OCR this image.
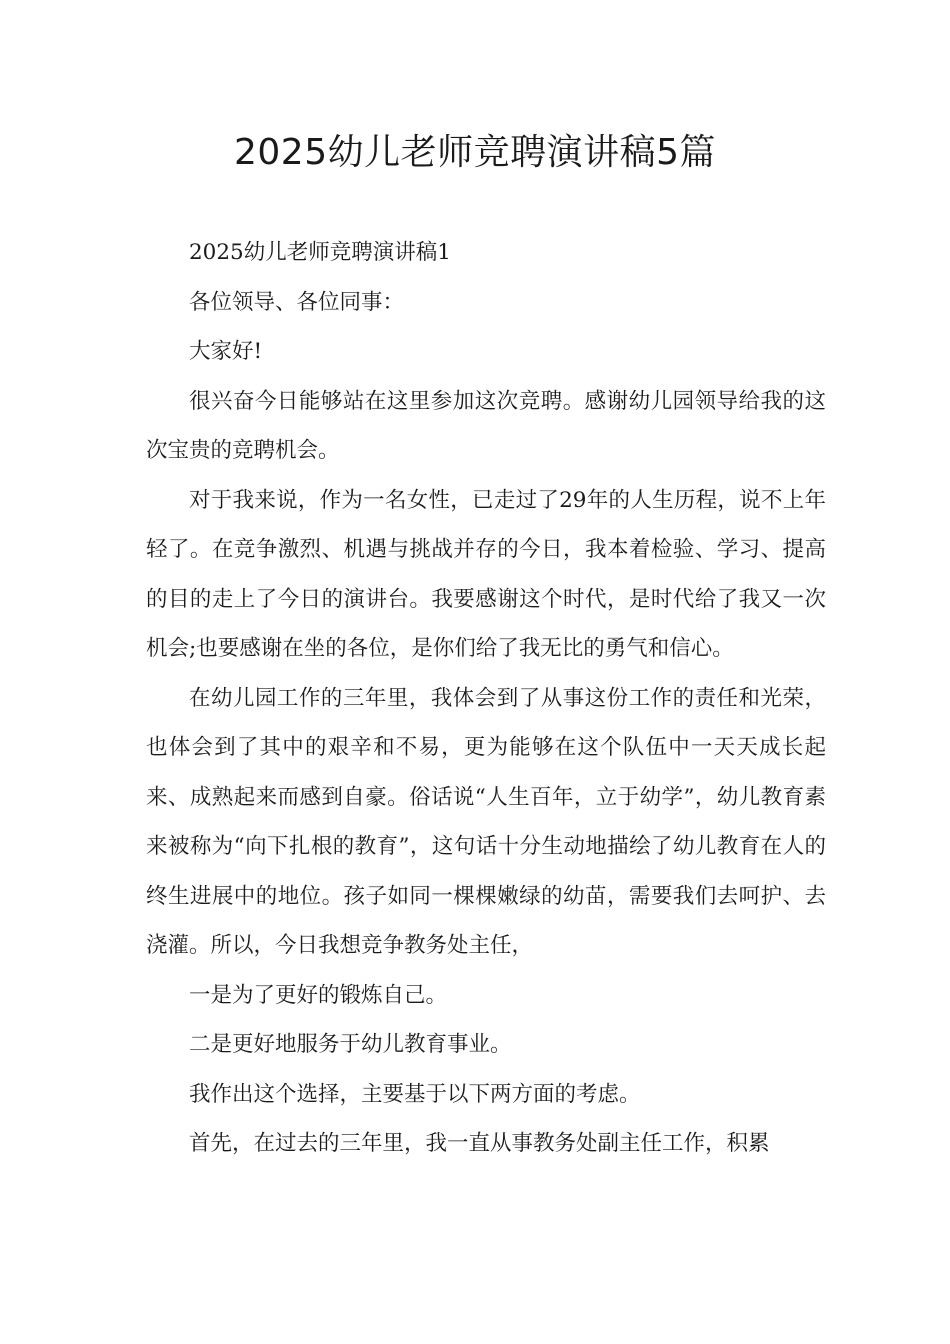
2025幼儿老师竞聘演讲稿5篇

2025幼儿老师竞聘演讲稿1

各位领导、各位同事：

大家好!

很兴奋今日能够站在这里参加这次竞聘。感谢幼儿园领导给我的这次宝贵的竞聘机会。

对于我来说，作为一名女性，已走过了29年的人生历程，说不上年轻了。在竞争激烈、机遇与挑战并存的今日，我本着检验、学习、提高的目的走上了今日的演讲台。我要感谢这个时代，是时代给了我又一次机会;也要感谢在坐的各位，是你们给了我无比的勇气和信心。

在幼儿园工作的三年里，我体会到了从事这份工作的责任和光荣，也体会到了其中的艰辛和不易，更为能够在这个队伍中一天天成长起来、成熟起来而感到自豪。俗话说“人生百年，立于幼学”，幼儿教育素来被称为“向下扎根的教育”，这句话十分生动地描绘了幼儿教育在人的终生进展中的地位。孩子如同一棵棵嫩绿的幼苗，需要我们去呵护、去浇灌。所以，今日我想竞争教务处主任，

一是为了更好的锻炼自己。

二是更好地服务于幼儿教育事业。

我作出这个选择，主要基于以下两方面的考虑。

首先，在过去的三年里，我一直从事教务处副主任工作，积累
